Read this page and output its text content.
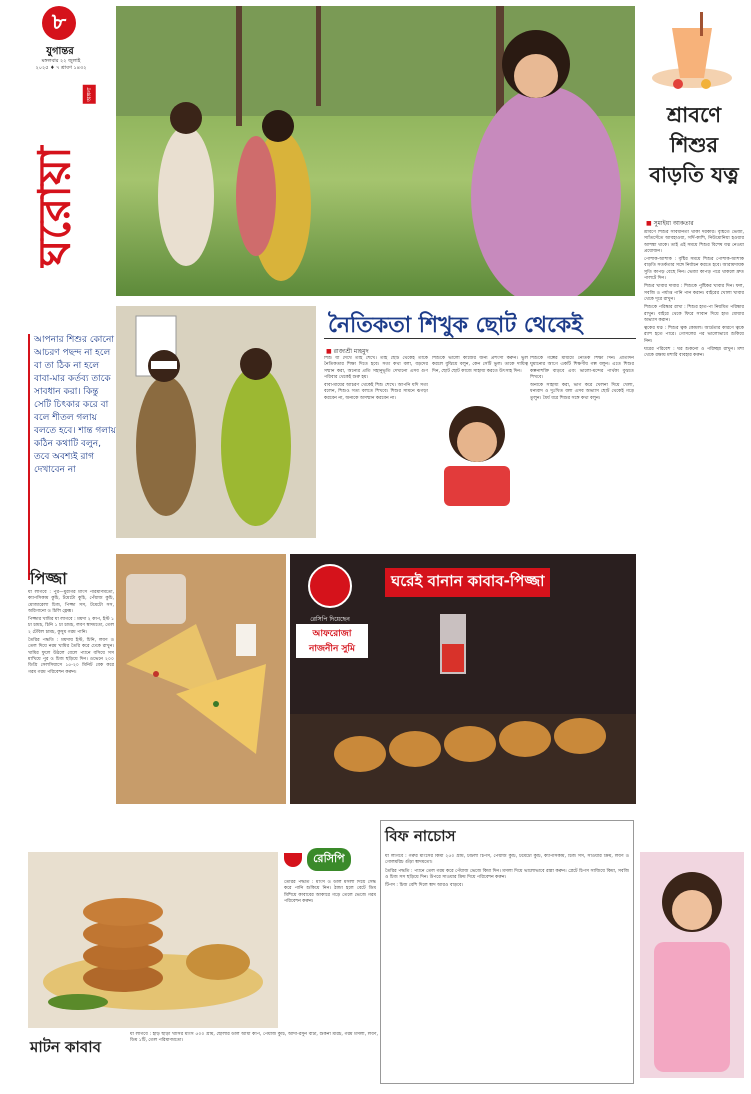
৮
যুগান্তর
মঙ্গলবার ২২ জুলাই
২০২৫ ♦ ৭ শ্রাবণ ১৪৩২
ঘরোয়া
অঙ্গনা
শ্রাবণে শিশুর বাড়তি যত্ন
■ সুমাইয়া আকতার

শ্রাবণে শিশুর সাবধানতা থাকা দরকার। বৃষ্টিতে ভেজা, স্যাঁতসেঁতে আবহাওয়া, সর্দি-কাশি, নিউমোনিয়া হওয়ার আশঙ্কা থাকে। তাই এই সময়ে শিশুর বিশেষ যত্ন নেওয়া প্রয়োজন।

পোশাক-আশাক : বৃষ্টির সময়ে শিশুর পোশাক-আশাক বাড়তি সতর্কতার সঙ্গে নির্বাচন করতে হবে। আরামদায়ক সুতি কাপড় বেছে নিন। ভেজা কাপড় পরে থাকলে দ্রুত পালটে দিন।

শিশুর খাবার দাবার : শিশুকে পুষ্টিকর খাবার দিন। ফল, সবজি ও পর্যাপ্ত পানি পান করান। বাইরের খোলা খাবার থেকে দূরে রাখুন।

শিশুকে পরিষ্কার রাখা : শিশুর হাত-পা নিয়মিত পরিষ্কার রাখুন। বাইরে থেকে ফিরে সাবান দিয়ে হাত ধোয়ার অভ্যাস করান।

ত্বকের যত্ন : শিশুর ত্বক কোমল। আর্দ্রতার কারণে ত্বকে র‍্যাশ হতে পারে। গোসলের পর ভালোভাবে শুকিয়ে নিন।

ঘরের পরিবেশ : ঘর শুকনো ও পরিচ্ছন্ন রাখুন। মশা থেকে রক্ষায় মশারি ব্যবহার করুন।

আপনার শিশুর কোনো আচরণ পছন্দ না হলে বা তা ঠিক না হলে বাবা-মার কর্তব্য তাকে সাবধান করা। কিন্তু সেটি চিৎকার করে বা বলে শীতল গলায় বলতে হবে। শান্ত গলায় কঠিন কথাটি বলুন, তবে অবশ্যই রাগ দেখাবেন না
নৈতিকতা শিখুক ছোট থেকেই
■ রাজ্যশ্রী মাহমুদ

শিশু যা দেখে তাই শেখে। তাই ছোট থেকেই তাকে নৈতিকতার শিক্ষা দিতে হবে। সত্য কথা বলা, বড়দের সম্মান করা, অন্যের প্রতি সহানুভূতি দেখানো এসব গুণ পরিবার থেকেই শুরু হয়।

বাবা-মায়ের আচরণ থেকেই শিশু শেখে। আপনি যদি সত্য বলেন, শিশুও সত্য বলতে শিখবে। শিশুর সামনে ঝগড়া করবেন না, অন্যকে অসম্মান করবেন না।

শিশুকে ভালো কাজের জন্য প্রশংসা করুন। ভুল করলে বুঝিয়ে বলুন, কেন সেটি ভুল। তাকে দায়িত্ব দিন, ছোট ছোট কাজে সাহায্য করতে উৎসাহ দিন।

শিশুকে গল্পের মাধ্যমে নৈতিক শিক্ষা দিন। প্রতিদিন ঘুমানোর আগে একটি শিক্ষণীয় গল্প বলুন। এতে শিশুর কল্পনাশক্তি বাড়বে এবং ভালো-মন্দের পার্থক্য বুঝতে শিখবে।

অন্যকে সাহায্য করা, ভাগ করে খেলনা দিয়ে খেলা, ধন্যবাদ ও দুঃখিত বলা এসব অভ্যাস ছোট থেকেই গড়ে তুলুন। ধৈর্য ধরে শিশুর সঙ্গে কথা বলুন।

পিজ্জা

যা লাগবে : পুর—মুরগির মাংস পরিমাণমতো, ক্যাপসিকাম কুচি, টমেটো কুচি, পেঁয়াজ কুচি, মোজারেলা চিজ, পিজ্জা সস, টমেটো সস, অরিগানো ও চিলি ফ্লেক্স।

পিজ্জার খামির যা লাগবে : ময়দা ২ কাপ, ইস্ট ১ চা চামচ, চিনি ১ চা চামচ, লবণ স্বাদমতো, তেল ২ টেবিল চামচ, কুসুম গরম পানি।

তৈরির পদ্ধতি : ময়দায় ইস্ট, চিনি, লবণ ও তেল দিয়ে নরম খামির তৈরি করে ঢেকে রাখুন। খামির ফুলে উঠলে বেলে প্যানে বসিয়ে সস মাখিয়ে পুর ও চিজ ছড়িয়ে দিন। ওভেনে ২০০ ডিগ্রি সেলসিয়াসে ১৫-২০ মিনিট বেক করে গরম গরম পরিবেশন করুন।

ঘরেই বানান কাবাব-পিজ্জা
রেসিপি দিয়েছেন
আফরোজা নাজনীন সুমি
রেসিপি
মাটন কাবাব

যা লাগবে : হাড় ছাড়া খাসির মাংস ৫০০ গ্রাম, ছোলার ডাল আধা কাপ, পেঁয়াজ কুচি, আদা-রসুন বাটা, শুকনা মরিচ, গরম মসলা, লবণ, ডিম ১টি, তেল পরিমাণমতো।

তৈরির পদ্ধতি : মাংস ও ডাল মসলা দিয়ে সেদ্ধ করে পানি শুকিয়ে নিন। ঠান্ডা হলে বেটে ডিম মিশিয়ে কাবাবের আকারে গড়ে তেলে ভেজে গরম পরিবেশন করুন।

বিফ নাচোস

যা লাগবে : গরুর মাংসের কিমা ২৫০ গ্রাম, টর্টিলা চিপস, পেঁয়াজ কুচি, টমেটো কুচি, ক্যাপসিকাম, চিজ সস, সাওয়ার ক্রিম, লবণ ও গোলমরিচ গুঁড়া স্বাদমতো।

তৈরির পদ্ধতি : প্যানে তেল গরম করে পেঁয়াজ ভেজে কিমা দিন। মসলা দিয়ে ভালোভাবে রান্না করুন। প্লেটে চিপস সাজিয়ে কিমা, সবজি ও চিজ সস ছড়িয়ে দিন। উপরে সাওয়ার ক্রিম দিয়ে পরিবেশন করুন।

টিপস : চিজ বেশি দিলে স্বাদ আরও বাড়বে।
